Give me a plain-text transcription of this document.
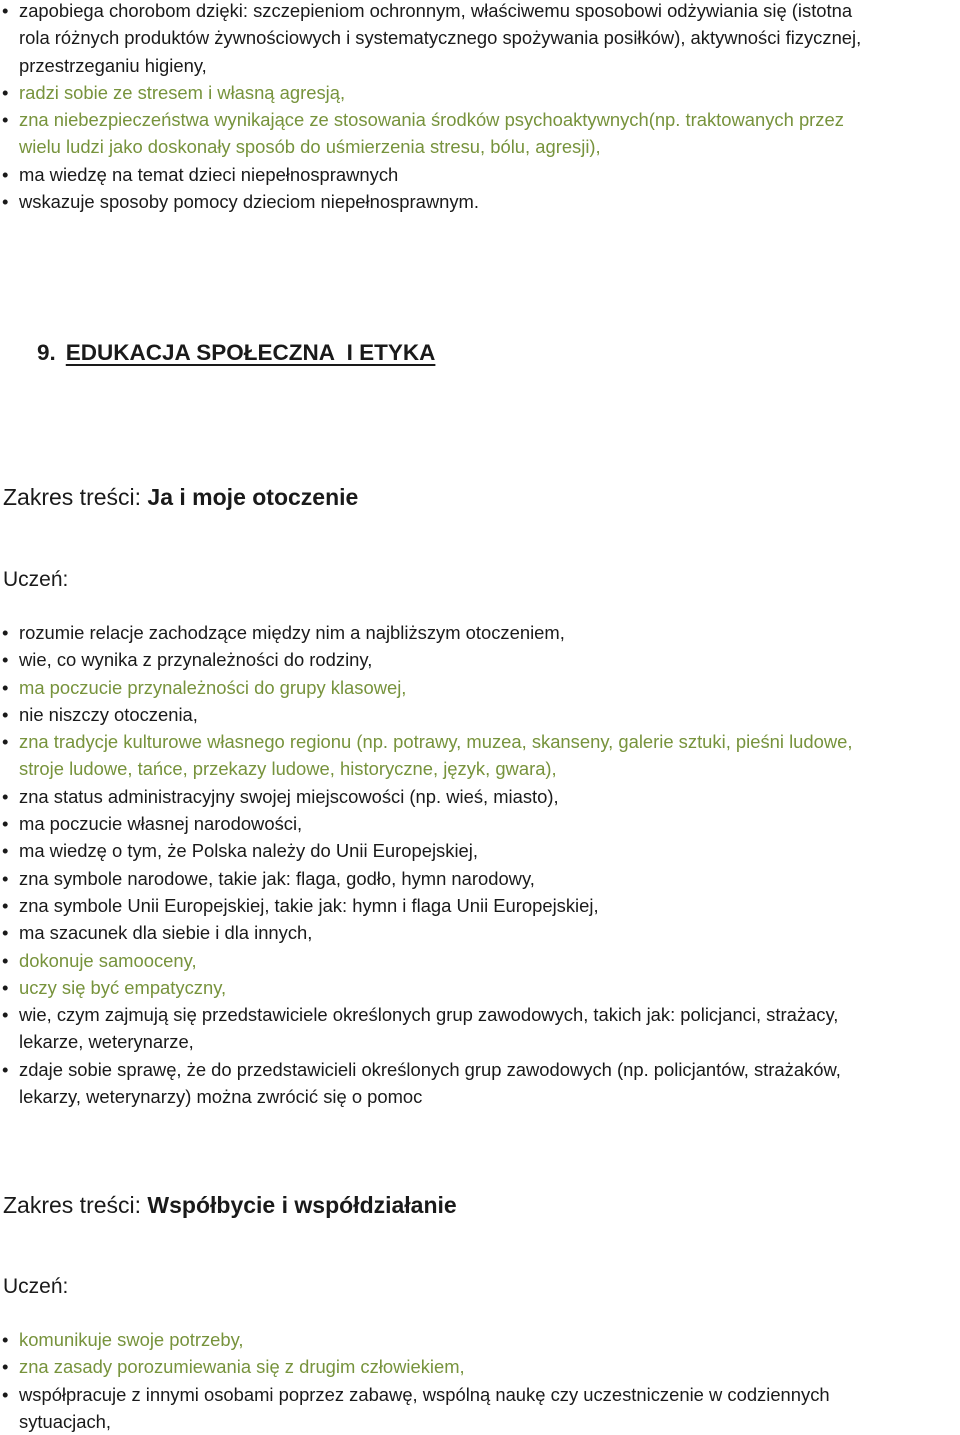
• zapobiega chorobom dzięki: szczepieniom ochronnym, właściwemu sposobowi odżywiania się (istotna
rola różnych produktów żywnościowych i systematycznego spożywania posiłków), aktywności fizycznej,
przestrzeganiu higieny,
• radzi sobie ze stresem i własną agresją,
• zna niebezpieczeństwa wynikające ze stosowania środków psychoaktywnych(np. traktowanych przez
wielu ludzi jako doskonały sposób do uśmierzenia stresu, bólu, agresji),
• ma wiedzę na temat dzieci niepełnosprawnych
• wskazuje sposoby pomocy dzieciom niepełnosprawnym.
9. EDUKACJA SPOŁECZNA  I ETYKA
Zakres treści: Ja i moje otoczenie
Uczeń:
• rozumie relacje zachodzące między nim a najbliższym otoczeniem,
• wie, co wynika z przynależności do rodziny,
• ma poczucie przynależności do grupy klasowej,
• nie niszczy otoczenia,
• zna tradycje kulturowe własnego regionu (np. potrawy, muzea, skanseny, galerie sztuki, pieśni ludowe,
stroje ludowe, tańce, przekazy ludowe, historyczne, język, gwara),
• zna status administracyjny swojej miejscowości (np. wieś, miasto),
• ma poczucie własnej narodowości,
• ma wiedzę o tym, że Polska należy do Unii Europejskiej,
• zna symbole narodowe, takie jak: flaga, godło, hymn narodowy,
• zna symbole Unii Europejskiej, takie jak: hymn i flaga Unii Europejskiej,
• ma szacunek dla siebie i dla innych,
• dokonuje samooceny,
• uczy się być empatyczny,
• wie, czym zajmują się przedstawiciele określonych grup zawodowych, takich jak: policjanci, strażacy,
lekarze, weterynarze,
• zdaje sobie sprawę, że do przedstawicieli określonych grup zawodowych (np. policjantów, strażaków,
lekarzy, weterynarzy) można zwrócić się o pomoc
Zakres treści: Współbycie i współdziałanie
Uczeń:
• komunikuje swoje potrzeby,
• zna zasady porozumiewania się z drugim człowiekiem,
• współpracuje z innymi osobami poprzez zabawę, wspólną naukę czy uczestniczenie w codziennych
sytuacjach,
